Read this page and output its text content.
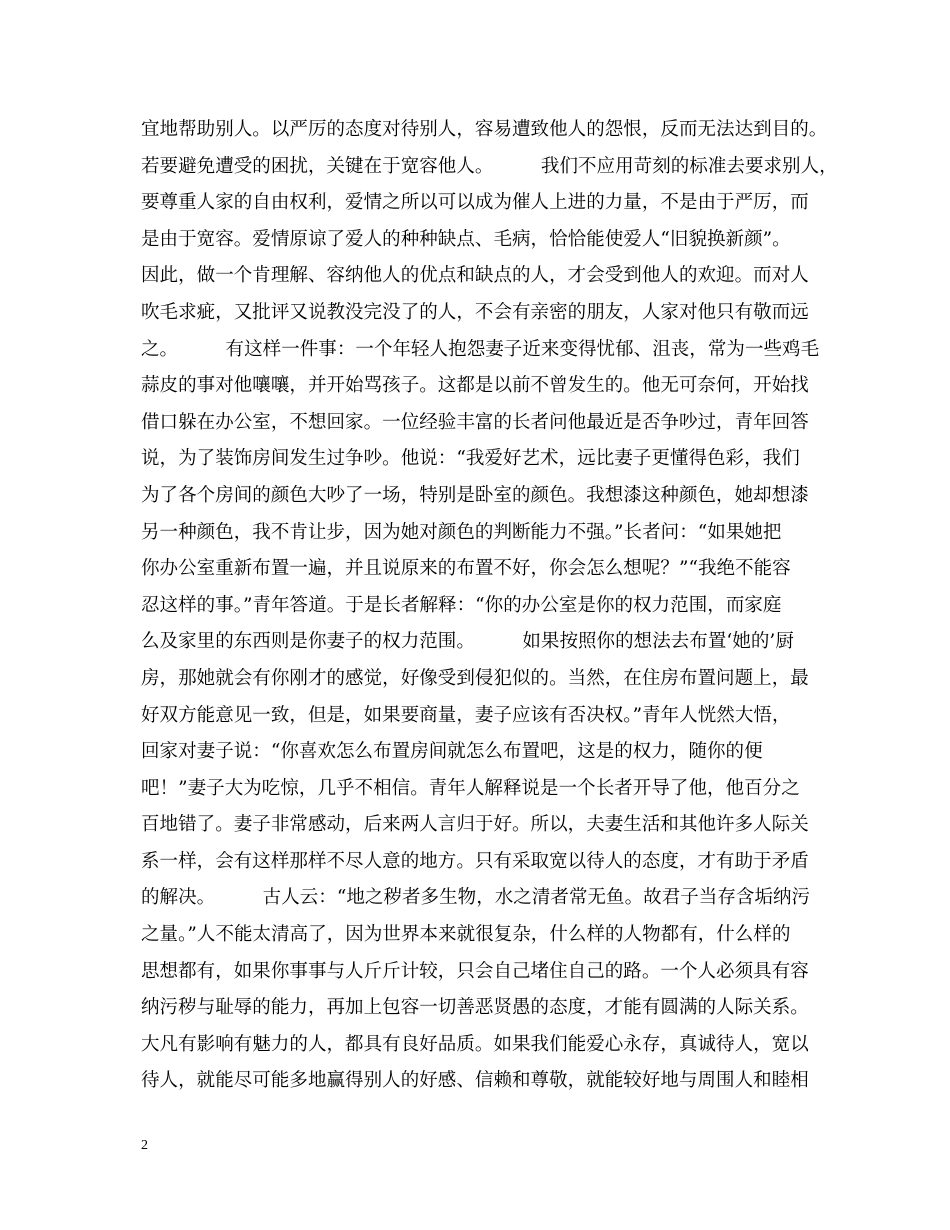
宜地帮助别人。以严厉的态度对待别人，容易遭致他人的怨恨，反而无法达到目的。
若要避免遭受的困扰，关键在于宽容他人。        我们不应用苛刻的标准去要求别人，
要尊重人家的自由权利，爱情之所以可以成为催人上进的力量，不是由于严厉，而
是由于宽容。爱情原谅了爱人的种种缺点、毛病，恰恰能使爱人“旧貌换新颜”。
因此，做一个肯理解、容纳他人的优点和缺点的人，才会受到他人的欢迎。而对人
吹毛求疵，又批评又说教没完没了的人，不会有亲密的朋友，人家对他只有敬而远
之。        有这样一件事：一个年轻人抱怨妻子近来变得忧郁、沮丧，常为一些鸡毛
蒜皮的事对他嚷嚷，并开始骂孩子。这都是以前不曾发生的。他无可奈何，开始找
借口躲在办公室，不想回家。一位经验丰富的长者问他最近是否争吵过，青年回答
说，为了装饰房间发生过争吵。他说：“我爱好艺术，远比妻子更懂得色彩，我们
为了各个房间的颜色大吵了一场，特别是卧室的颜色。我想漆这种颜色，她却想漆
另一种颜色，我不肯让步，因为她对颜色的判断能力不强。”长者问：“如果她把
你办公室重新布置一遍，并且说原来的布置不好，你会怎么想呢？”“我绝不能容
忍这样的事。”青年答道。于是长者解释：“你的办公室是你的权力范围，而家庭
么及家里的东西则是你妻子的权力范围。        如果按照你的想法去布置‘她的’厨
房，那她就会有你刚才的感觉，好像受到侵犯似的。当然，在住房布置问题上，最
好双方能意见一致，但是，如果要商量，妻子应该有否决权。”青年人恍然大悟，
回家对妻子说：“你喜欢怎么布置房间就怎么布置吧，这是的权力，随你的便
吧！”妻子大为吃惊，几乎不相信。青年人解释说是一个长者开导了他，他百分之
百地错了。妻子非常感动，后来两人言归于好。所以，夫妻生活和其他许多人际关
系一样，会有这样那样不尽人意的地方。只有采取宽以待人的态度，才有助于矛盾
的解决。        古人云：“地之秽者多生物，水之清者常无鱼。故君子当存含垢纳污
之量。”人不能太清高了，因为世界本来就很复杂，什么样的人物都有，什么样的
思想都有，如果你事事与人斤斤计较，只会自己堵住自己的路。一个人必须具有容
纳污秽与耻辱的能力，再加上包容一切善恶贤愚的态度，才能有圆满的人际关系。
大凡有影响有魅力的人，都具有良好品质。如果我们能爱心永存，真诚待人，宽以
待人，就能尽可能多地赢得别人的好感、信赖和尊敬，就能较好地与周围人和睦相
2
